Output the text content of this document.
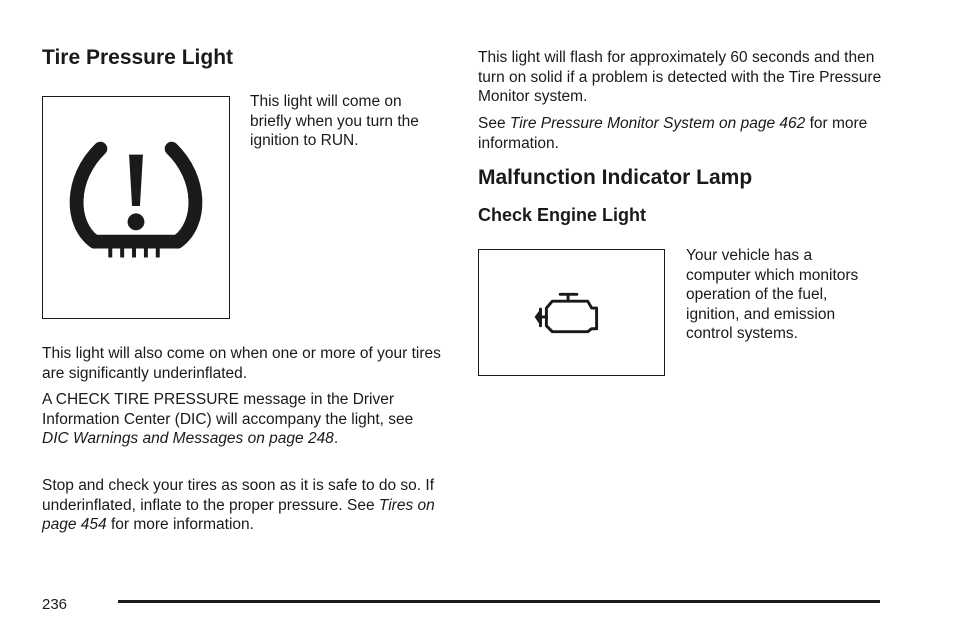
Tire Pressure Light

This light will come on briefly when you turn the ignition to RUN.

This light will also come on when one or more of your tires are significantly underinflated.

A CHECK TIRE PRESSURE message in the Driver Information Center (DIC) will accompany the light, see DIC Warnings and Messages on page 248.

Stop and check your tires as soon as it is safe to do so. If underinflated, inflate to the proper pressure. See Tires on page 454 for more information.

This light will flash for approximately 60 seconds and then turn on solid if a problem is detected with the Tire Pressure Monitor system.

See Tire Pressure Monitor System on page 462 for more information.

Malfunction Indicator Lamp
Check Engine Light

Your vehicle has a computer which monitors operation of the fuel, ignition, and emission control systems.

236
